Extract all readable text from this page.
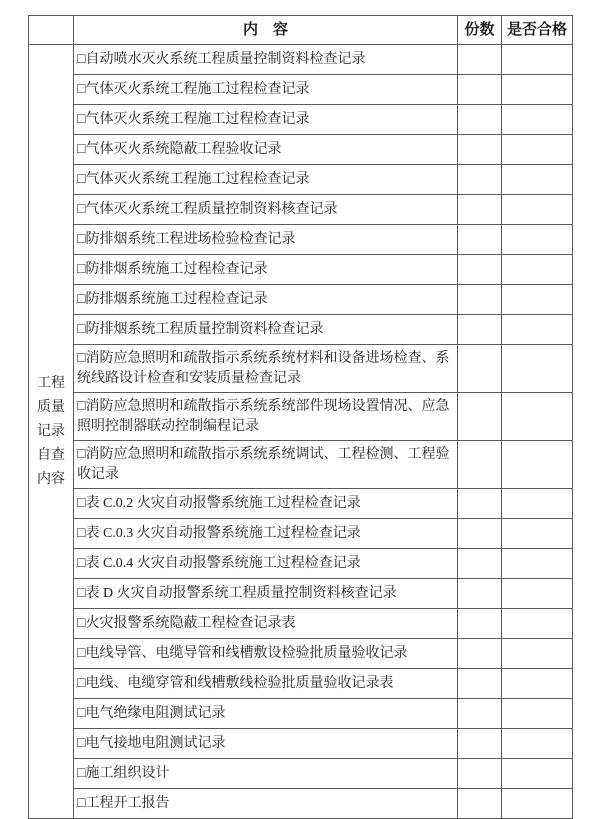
	内　容	份数	是否合格

工程质量记录自查内容	□自动喷水灭火系统工程质量控制资料检查记录		
	□气体灭火系统工程施工过程检查记录		
	□气体灭火系统工程施工过程检查记录		
	□气体灭火系统隐蔽工程验收记录		
	□气体灭火系统工程施工过程检查记录		
	□气体灭火系统工程质量控制资料核查记录		
	□防排烟系统工程进场检验检查记录		
	□防排烟系统施工过程检查记录		
	□防排烟系统施工过程检查记录		
	□防排烟系统工程质量控制资料检查记录		
	□消防应急照明和疏散指示系统系统材料和设备进场检查、系统线路设计检查和安装质量检查记录		
	□消防应急照明和疏散指示系统系统部件现场设置情况、应急照明控制器联动控制编程记录		
	□消防应急照明和疏散指示系统系统调试、工程检测、工程验收记录		
	□表 C.0.2 火灾自动报警系统施工过程检查记录		
	□表 C.0.3 火灾自动报警系统施工过程检查记录		
	□表 C.0.4 火灾自动报警系统施工过程检查记录		
	□表 D 火灾自动报警系统工程质量控制资料核查记录		
	□火灾报警系统隐蔽工程检查记录表		
	□电线导管、电缆导管和线槽敷设检验批质量验收记录		
	□电线、电缆穿管和线槽敷线检验批质量验收记录表		
	□电气绝缘电阻测试记录		
	□电气接地电阻测试记录		
	□施工组织设计		
	□工程开工报告		
